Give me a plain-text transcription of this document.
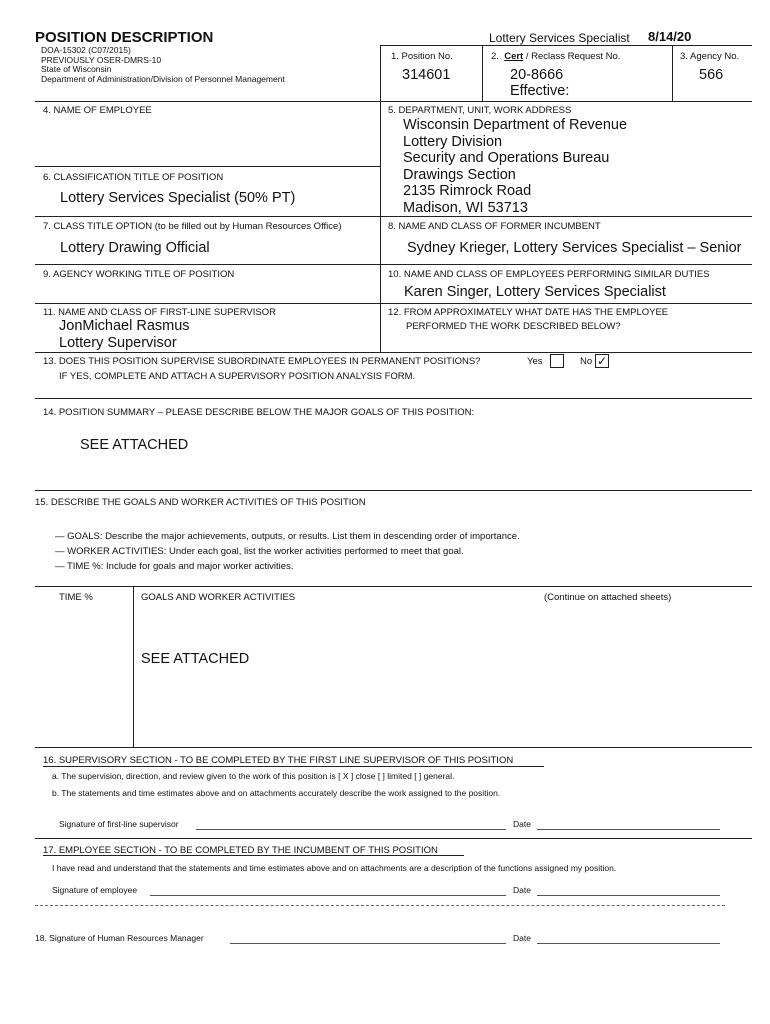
POSITION DESCRIPTION
DOA-15302 (C07/2015)
PREVIOUSLY OSER-DMRS-10
State of Wisconsin
Department of Administration/Division of Personnel Management
Lottery Services Specialist 8/14/20
1. Position No.
314601
2. Cert / Reclass Request No.
20-8666
Effective:
3. Agency No.
566
4. NAME OF EMPLOYEE	5. DEPARTMENT, UNIT, WORK ADDRESS
Wisconsin Department of Revenue
Lottery Division
Security and Operations Bureau
Drawings Section
2135 Rimrock Road
Madison, WI 53713
6. CLASSIFICATION TITLE OF POSITION
Lottery Services Specialist (50% PT)
7. CLASS TITLE OPTION (to be filled out by Human Resources Office)
Lottery Drawing Official
8. NAME AND CLASS OF FORMER INCUMBENT
Sydney Krieger, Lottery Services Specialist – Senior
9. AGENCY WORKING TITLE OF POSITION	10. NAME AND CLASS OF EMPLOYEES PERFORMING SIMILAR DUTIES
Karen Singer, Lottery Services Specialist
11. NAME AND CLASS OF FIRST-LINE SUPERVISOR
JonMichael Rasmus
Lottery Supervisor
12. FROM APPROXIMATELY WHAT DATE HAS THE EMPLOYEE
PERFORMED THE WORK DESCRIBED BELOW?
13. DOES THIS POSITION SUPERVISE SUBORDINATE EMPLOYEES IN PERMANENT POSITIONS?
IF YES, COMPLETE AND ATTACH A SUPERVISORY POSITION ANALYSIS FORM.
Yes	No ✓
14. POSITION SUMMARY – PLEASE DESCRIBE BELOW THE MAJOR GOALS OF THIS POSITION:
SEE ATTACHED
15. DESCRIBE THE GOALS AND WORKER ACTIVITIES OF THIS POSITION
— GOALS: Describe the major achievements, outputs, or results. List them in descending order of importance.
— WORKER ACTIVITIES: Under each goal, list the worker activities performed to meet that goal.
— TIME %: Include for goals and major worker activities.
TIME %	GOALS AND WORKER ACTIVITIES	(Continue on attached sheets)
SEE ATTACHED
16. SUPERVISORY SECTION - TO BE COMPLETED BY THE FIRST LINE SUPERVISOR OF THIS POSITION
a. The supervision, direction, and review given to the work of this position is [ X ] close [ ] limited [ ] general.
b. The statements and time estimates above and on attachments accurately describe the work assigned to the position.
Signature of first-line supervisor	Date
17. EMPLOYEE SECTION - TO BE COMPLETED BY THE INCUMBENT OF THIS POSITION
I have read and understand that the statements and time estimates above and on attachments are a description of the functions assigned my position.
Signature of employee	Date
18. Signature of Human Resources Manager	Date
